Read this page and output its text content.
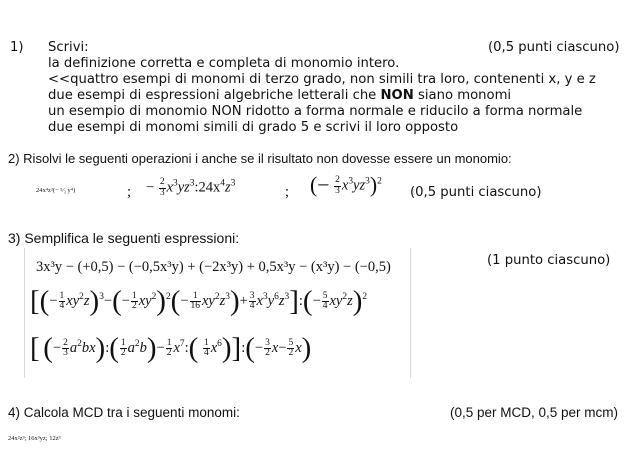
1) Scrivi:	(0,5 punti ciascuno)
la definizione corretta e completa di monomio intero.
<<quattro esempi di monomi di terzo grado, non simili tra loro, contenenti x, y e z
due esempi di espressioni algebriche letterali che NON siano monomi
un esempio di monomio NON ridotto a forma normale e riducilo a forma normale
due esempi di monomi simili di grado 5 e scrivi il loro opposto
2) Risolvi le seguenti operazioni i anche se il risultato non dovesse essere un monomio:
24x⁴z²(− ⁵⁄₃ y⁴)	; − $\frac{2}{3}$ $x^3yz^3:24x^4z^3$
; (− $\frac{2}{3} x^3yz^3)^2$
(0,5 punti ciascuno)
3) Semplifica le seguenti espressioni:
(1 punto ciascuno)
3x³y − (+0,5) − (−0,5x³y) + (−2x³y) + 0,5x³y − (x³y) − (−0,5)
[(− $\frac{1}{4} xy^2z)^3-(- \frac{1}{2} xy^2)^2(- \frac{1}{16} xy^2z^3)+ \frac{3}{4}$ $x^3y^6z^3]:(- \frac{5}{4} xy^2z)^2$
[ (− $\frac{2}{3}$ $a^2bx):( \frac{1}{2} a^2b)- \frac{1}{2}$ $x^7:( \frac{1}{4}$ $x^6)]:(- \frac{3}{2} x- \frac{5}{2} x)$
4) Calcola MCD tra i seguenti monomi:	(0,5 per MCD, 0,5 per mcm)
24x²z³; 16x³yz; 12z³
